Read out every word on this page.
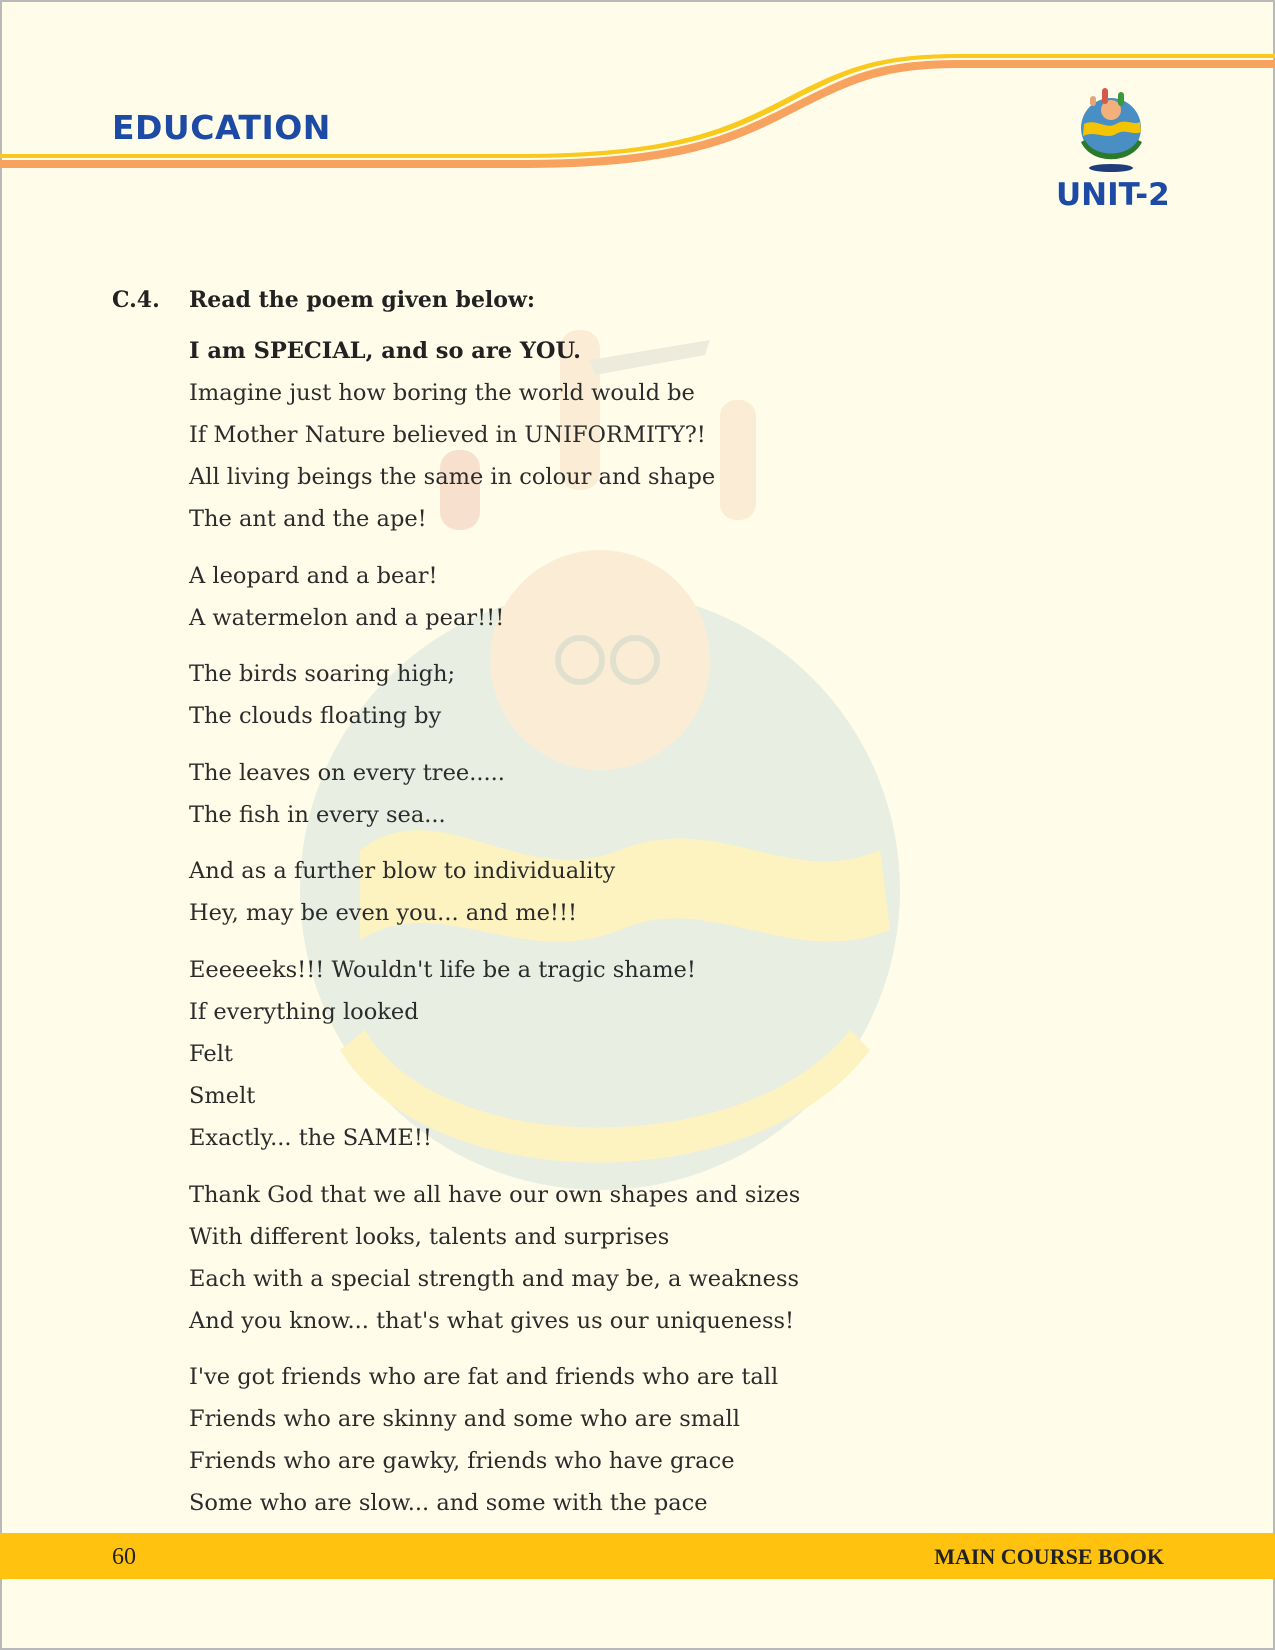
EDUCATION
UNIT-2
C.4. Read the poem given below:
I am SPECIAL, and so are YOU.
Imagine just how boring the world would be
If Mother Nature believed in UNIFORMITY?!
All living beings the same in colour and shape
The ant and the ape!
A leopard and a bear!
A watermelon and a pear!!!
The birds soaring high;
The clouds floating by
The leaves on every tree.....
The fish in every sea...
And as a further blow to individuality
Hey, may be even you... and me!!!
Eeeeeeks!!! Wouldn't life be a tragic shame!
If everything looked
Felt
Smelt
Exactly... the SAME!!
Thank God that we all have our own shapes and sizes
With different looks, talents and surprises
Each with a special strength and may be, a weakness
And you know... that's what gives us our uniqueness!
I've got friends who are fat and friends who are tall
Friends who are skinny and some who are small
Friends who are gawky, friends who have grace
Some who are slow... and some with the pace
60	MAIN COURSE BOOK
